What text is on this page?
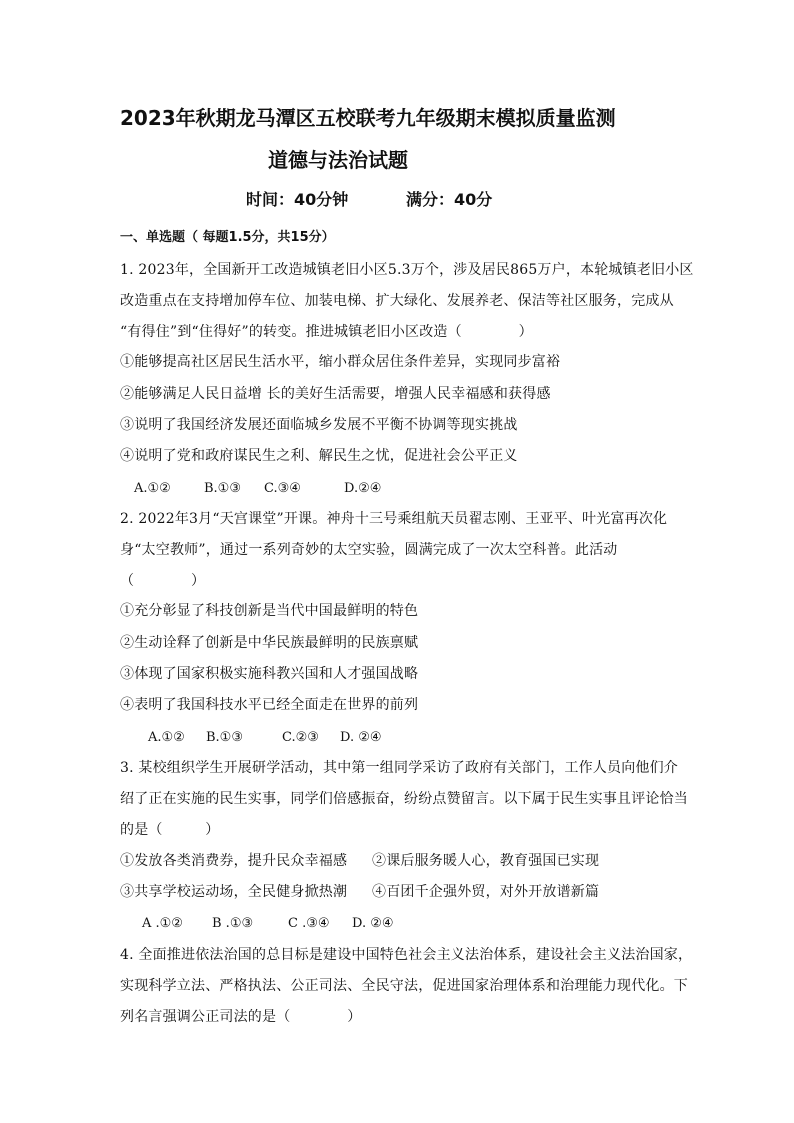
2023年秋期龙马潭区五校联考九年级期末模拟质量监测
道德与法治试题
时间：40分钟	满分：40分
一、单选题（ 每题1.5分，共15分）
1. 2023年，全国新开工改造城镇老旧小区5.3万个，涉及居民865万户，本轮城镇老旧小区
改造重点在支持增加停车位、加装电梯、扩大绿化、发展养老、保洁等社区服务，完成从
“有得住”到“住得好”的转变。推进城镇老旧小区改造（　　　　）
①能够提高社区居民生活水平，缩小群众居住条件差异，实现同步富裕
②能够满足人民日益增 长的美好生活需要，增强人民幸福感和获得感
③说明了我国经济发展还面临城乡发展不平衡不协调等现实挑战
④说明了党和政府谋民生之利、解民生之忧，促进社会公平正义
A.①②	B.①③ C.③④	D.②④
2. 2022年3月“天宫课堂”开课。神舟十三号乘组航天员翟志刚、王亚平、叶光富再次化
身“太空教师”，通过一系列奇妙的太空实验，圆满完成了一次太空科普。此活动
（　　　　）
①充分彰显了科技创新是当代中国最鲜明的特色
②生动诠释了创新是中华民族最鲜明的民族禀赋
③体现了国家积极实施科教兴国和人才强国战略
④表明了我国科技水平已经全面走在世界的前列
A.①② B.①③	C.②③ D. ②④
3. 某校组织学生开展研学活动，其中第一组同学采访了政府有关部门，工作人员向他们介
绍了正在实施的民生实事，同学们倍感振奋，纷纷点赞留言。以下属于民生实事且评论恰当
的是（　　　）
①发放各类消费券，提升民众幸福感 ②课后服务暖人心，教育强国已实现
③共享学校运动场，全民健身掀热潮 ④百团千企强外贸，对外开放谱新篇
A .①② B .①③	C .③④ D. ②④
4. 全面推进依法治国的总目标是建设中国特色社会主义法治体系，建设社会主义法治国家，
实现科学立法、严格执法、公正司法、全民守法，促进国家治理体系和治理能力现代化。下
列名言强调公正司法的是（　　　　）
